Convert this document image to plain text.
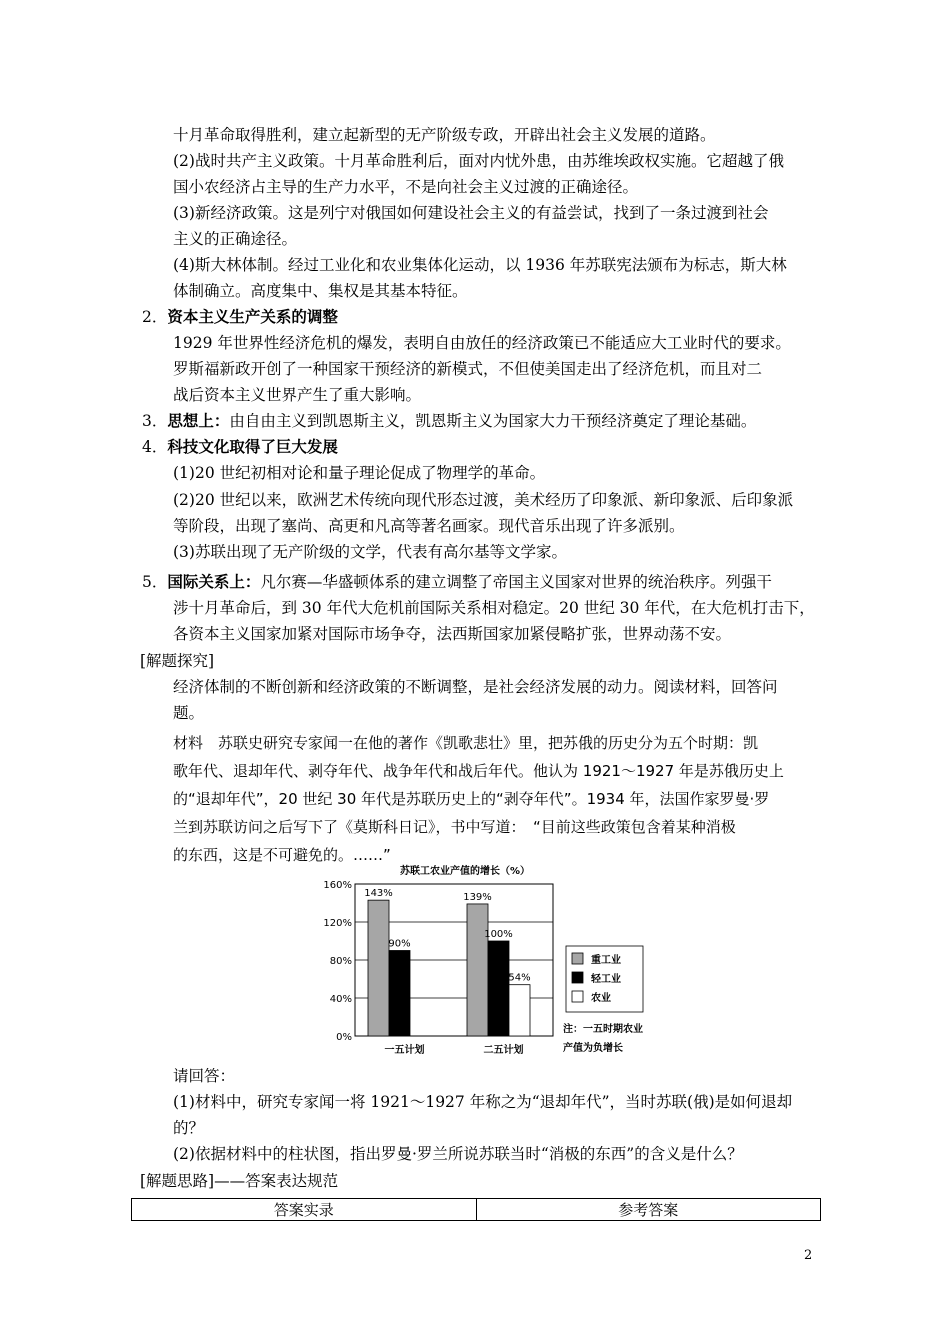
十月革命取得胜利，建立起新型的无产阶级专政，开辟出社会主义发展的道路。
(2)战时共产主义政策。十月革命胜利后，面对内忧外患，由苏维埃政权实施。它超越了俄
国小农经济占主导的生产力水平，不是向社会主义过渡的正确途径。
(3)新经济政策。这是列宁对俄国如何建设社会主义的有益尝试，找到了一条过渡到社会
主义的正确途径。
(4)斯大林体制。经过工业化和农业集体化运动，以 1936 年苏联宪法颁布为标志，斯大林
体制确立。高度集中、集权是其基本特征。
2．资本主义生产关系的调整
1929 年世界性经济危机的爆发，表明自由放任的经济政策已不能适应大工业时代的要求。
罗斯福新政开创了一种国家干预经济的新模式，不但使美国走出了经济危机，而且对二
战后资本主义世界产生了重大影响。
3．思想上：由自由主义到凯恩斯主义，凯恩斯主义为国家大力干预经济奠定了理论基础。
4．科技文化取得了巨大发展
(1)20 世纪初相对论和量子理论促成了物理学的革命。
(2)20 世纪以来，欧洲艺术传统向现代形态过渡，美术经历了印象派、新印象派、后印象派
等阶段，出现了塞尚、高更和凡高等著名画家。现代音乐出现了许多派别。
(3)苏联出现了无产阶级的文学，代表有高尔基等文学家。
5．国际关系上：凡尔赛—华盛顿体系的建立调整了帝国主义国家对世界的统治秩序。列强干
涉十月革命后，到 30 年代大危机前国际关系相对稳定。20 世纪 30 年代，在大危机打击下，
各资本主义国家加紧对国际市场争夺，法西斯国家加紧侵略扩张，世界动荡不安。
[解题探究]
经济体制的不断创新和经济政策的不断调整，是社会经济发展的动力。阅读材料，回答问
题。
材料　苏联史研究专家闻一在他的著作《凯歌悲壮》里，把苏俄的历史分为五个时期：凯
歌年代、退却年代、剥夺年代、战争年代和战后年代。他认为 1921～1927 年是苏俄历史上
的“退却年代”，20 世纪 30 年代是苏联历史上的“剥夺年代”。1934 年，法国作家罗曼·罗
兰到苏联访问之后写下了《莫斯科日记》，书中写道：　“目前这些政策包含着某种消极
的东西，这是不可避免的。……”
苏联工农业产值的增长（%）
0%
40%
80%
120%
160%
143%
90%
一五计划
139%
100%
54%
二五计划
注：一五时期农业
产值为负增长
重工业
轻工业
农业
请回答：
(1)材料中，研究专家闻一将 1921～1927 年称之为“退却年代”，当时苏联(俄)是如何退却
的？
(2)依据材料中的柱状图，指出罗曼·罗兰所说苏联当时“消极的东西”的含义是什么？
[解题思路]——答案表达规范
答案实录	参考答案
2
